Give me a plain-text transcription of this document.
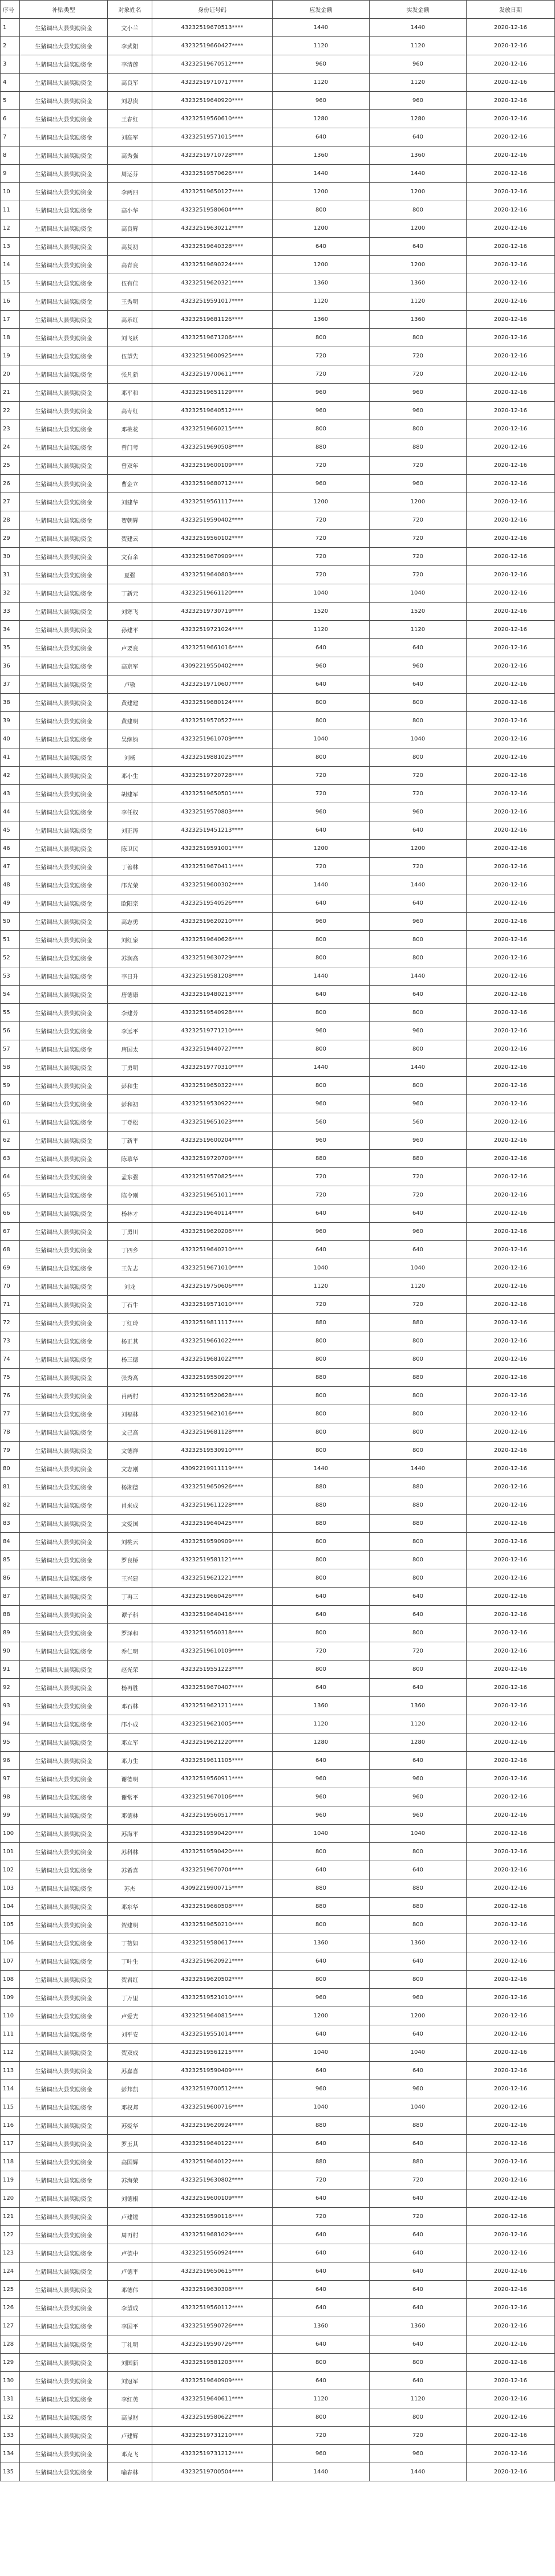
序号	补贴类型	对象姓名	身份证号码	应发金额	实发金额	发放日期
1	生猪调出大县奖励资金	文小兰	43232519670513****	1440	1440	2020-12-16
2	生猪调出大县奖励资金	李武阳	43232519660427****	1120	1120	2020-12-16
3	生猪调出大县奖励资金	李清莲	43232519670512****	960	960	2020-12-16
4	生猪调出大县奖励资金	高良军	43232519710717****	1120	1120	2020-12-16
5	生猪调出大县奖励资金	刘思贵	43232519640920****	960	960	2020-12-16
6	生猪调出大县奖励资金	王春红	43232519560610****	1280	1280	2020-12-16
7	生猪调出大县奖励资金	刘高军	43232519571015****	640	640	2020-12-16
8	生猪调出大县奖励资金	高秀强	43232519710728****	1360	1360	2020-12-16
9	生猪调出大县奖励资金	周运芬	43232519570626****	1440	1440	2020-12-16
10	生猪调出大县奖励资金	李两四	43232519650127****	1200	1200	2020-12-16
11	生猪调出大县奖励资金	高小华	43232519580604****	800	800	2020-12-16
12	生猪调出大县奖励资金	高良辉	43232519630212****	1200	1200	2020-12-16
13	生猪调出大县奖励资金	高复初	43232519640328****	640	640	2020-12-16
14	生猪调出大县奖励资金	高青良	43232519690224****	1200	1200	2020-12-16
15	生猪调出大县奖励资金	伍有佳	43232519620321****	1360	1360	2020-12-16
16	生猪调出大县奖励资金	王秀明	43232519591017****	1120	1120	2020-12-16
17	生猪调出大县奖励资金	高乐红	43232519681126****	1360	1360	2020-12-16
18	生猪调出大县奖励资金	刘飞跃	43232519671206****	800	800	2020-12-16
19	生猪调出大县奖励资金	伍望先	43232519600925****	720	720	2020-12-16
20	生猪调出大县奖励资金	张凡新	43232519700611****	720	720	2020-12-16
21	生猪调出大县奖励资金	邓平和	43232519651129****	960	960	2020-12-16
22	生猪调出大县奖励资金	高专红	43232519640512****	960	960	2020-12-16
23	生猪调出大县奖励资金	邓桃花	43232519660215****	800	800	2020-12-16
24	生猪调出大县奖励资金	曾门考	43232519690508****	880	880	2020-12-16
25	生猪调出大县奖励资金	曾双年	43232519600109****	720	720	2020-12-16
26	生猪调出大县奖励资金	曹金立	43232519680712****	960	960	2020-12-16
27	生猪调出大县奖励资金	刘建华	43232519561117****	1200	1200	2020-12-16
28	生猪调出大县奖励资金	贺朝辉	43232519590402****	720	720	2020-12-16
29	生猪调出大县奖励资金	贺建云	43232519560102****	720	720	2020-12-16
30	生猪调出大县奖励资金	文有余	43232519670909****	720	720	2020-12-16
31	生猪调出大县奖励资金	夏强	43232519640803****	720	720	2020-12-16
32	生猪调出大县奖励资金	丁新元	43232519661120****	1040	1040	2020-12-16
33	生猪调出大县奖励资金	刘寒飞	43232519730719****	1520	1520	2020-12-16
34	生猪调出大县奖励资金	孙建平	43232519721024****	1120	1120	2020-12-16
35	生猪调出大县奖励资金	卢要良	43232519661016****	640	640	2020-12-16
36	生猪调出大县奖励资金	高京军	43092219550402****	960	960	2020-12-16
37	生猪调出大县奖励资金	卢敬	43232519710607****	640	640	2020-12-16
38	生猪调出大县奖励资金	黄建建	43232519680124****	800	800	2020-12-16
39	生猪调出大县奖励资金	黄建明	43232519570527****	800	800	2020-12-16
40	生猪调出大县奖励资金	吴继钧	43232519610709****	1040	1040	2020-12-16
41	生猪调出大县奖励资金	刘杨	43232519881025****	800	800	2020-12-16
42	生猪调出大县奖励资金	邓小生	43232519720728****	720	720	2020-12-16
43	生猪调出大县奖励资金	胡建军	43232519650501****	720	720	2020-12-16
44	生猪调出大县奖励资金	李任权	43232519570803****	960	960	2020-12-16
45	生猪调出大县奖励资金	刘正涛	43232519451213****	640	640	2020-12-16
46	生猪调出大县奖励资金	陈卫民	43232519591001****	1200	1200	2020-12-16
47	生猪调出大县奖励资金	丁善林	43232519670411****	720	720	2020-12-16
48	生猪调出大县奖励资金	邝光荣	43232519600302****	1440	1440	2020-12-16
49	生猪调出大县奖励资金	欧阳宗	43232519540526****	640	640	2020-12-16
50	生猪调出大县奖励资金	高志勇	43232519620210****	960	960	2020-12-16
51	生猪调出大县奖励资金	刘红泉	43232519640626****	800	800	2020-12-16
52	生猪调出大县奖励资金	苏润高	43232519630729****	800	800	2020-12-16
53	生猪调出大县奖励资金	李日升	43232519581208****	1440	1440	2020-12-16
54	生猪调出大县奖励资金	唐德康	43232519480213****	640	640	2020-12-16
55	生猪调出大县奖励资金	李建芳	43232519540928****	800	800	2020-12-16
56	生猪调出大县奖励资金	李远平	43232519771210****	960	960	2020-12-16
57	生猪调出大县奖励资金	唐国太	43232519440727****	800	800	2020-12-16
58	生猪调出大县奖励资金	丁勇明	43232519770310****	1440	1440	2020-12-16
59	生猪调出大县奖励资金	彭和生	43232519650322****	800	800	2020-12-16
60	生猪调出大县奖励资金	彭和初	43232519530922****	960	960	2020-12-16
61	生猪调出大县奖励资金	丁登松	43232519651023****	560	560	2020-12-16
62	生猪调出大县奖励资金	丁新平	43232519600204****	960	960	2020-12-16
63	生猪调出大县奖励资金	陈慕华	43232519720709****	880	880	2020-12-16
64	生猪调出大县奖励资金	孟东强	43232519570825****	720	720	2020-12-16
65	生猪调出大县奖励资金	陈令刚	43232519651011****	720	720	2020-12-16
66	生猪调出大县奖励资金	杨林才	43232519640114****	640	640	2020-12-16
67	生猪调出大县奖励资金	丁勇川	43232519620206****	960	960	2020-12-16
68	生猪调出大县奖励资金	丁四乡	43232519640210****	640	640	2020-12-16
69	生猪调出大县奖励资金	王先志	43232519671010****	1040	1040	2020-12-16
70	生猪调出大县奖励资金	刘龙	43232519750606****	1120	1120	2020-12-16
71	生猪调出大县奖励资金	丁石牛	43232519571010****	720	720	2020-12-16
72	生猪调出大县奖励资金	丁红玲	43232519811117****	880	880	2020-12-16
73	生猪调出大县奖励资金	杨正其	43232519661022****	800	800	2020-12-16
74	生猪调出大县奖励资金	杨三德	43232519681022****	800	800	2020-12-16
75	生猪调出大县奖励资金	张秀高	43232519550920****	880	880	2020-12-16
76	生猪调出大县奖励资金	肖两村	43232519520628****	800	800	2020-12-16
77	生猪调出大县奖励资金	刘福林	43232519621016****	800	800	2020-12-16
78	生猪调出大县奖励资金	文己高	43232519681128****	800	800	2020-12-16
79	生猪调出大县奖励资金	文德祥	43232519530910****	800	800	2020-12-16
80	生猪调出大县奖励资金	文志刚	43092219911119****	1440	1440	2020-12-16
81	生猪调出大县奖励资金	杨湘德	43232519650926****	880	880	2020-12-16
82	生猪调出大县奖励资金	肖来成	43232519611228****	880	880	2020-12-16
83	生猪调出大县奖励资金	文爱国	43232519640425****	880	880	2020-12-16
84	生猪调出大县奖励资金	刘桃云	43232519590909****	800	800	2020-12-16
85	生猪调出大县奖励资金	罗良桥	43232519581121****	800	800	2020-12-16
86	生猪调出大县奖励资金	王兴建	43232519621221****	800	800	2020-12-16
87	生猪调出大县奖励资金	丁再三	43232519660426****	640	640	2020-12-16
88	生猪调出大县奖励资金	谭子科	43232519640416****	640	640	2020-12-16
89	生猪调出大县奖励资金	罗泽和	43232519560318****	800	800	2020-12-16
90	生猪调出大县奖励资金	乔仁明	43232519610109****	720	720	2020-12-16
91	生猪调出大县奖励资金	赵光荣	43232519551223****	800	800	2020-12-16
92	生猪调出大县奖励资金	杨再胜	43232519670407****	640	640	2020-12-16
93	生猪调出大县奖励资金	邓石林	43232519621211****	1360	1360	2020-12-16
94	生猪调出大县奖励资金	邝小成	43232519621005****	1120	1120	2020-12-16
95	生猪调出大县奖励资金	邓立军	43232519621220****	1280	1280	2020-12-16
96	生猪调出大县奖励资金	邓力生	43232519611105****	640	640	2020-12-16
97	生猪调出大县奖励资金	谢德明	43232519560911****	960	960	2020-12-16
98	生猪调出大县奖励资金	谢常平	43232519670106****	960	960	2020-12-16
99	生猪调出大县奖励资金	邓德林	43232519560517****	960	960	2020-12-16
100	生猪调出大县奖励资金	苏海平	43232519590420****	1040	1040	2020-12-16
101	生猪调出大县奖励资金	苏科林	43232519590420****	800	800	2020-12-16
102	生猪调出大县奖励资金	苏希喜	43232519670704****	640	640	2020-12-16
103	生猪调出大县奖励资金	苏杰	43092219900715****	880	880	2020-12-16
104	生猪调出大县奖励资金	邓东华	43232519660508****	880	880	2020-12-16
105	生猪调出大县奖励资金	贺建明	43232519650210****	800	800	2020-12-16
106	生猪调出大县奖励资金	丁赞如	43232519580617****	1360	1360	2020-12-16
107	生猪调出大县奖励资金	丁叶生	43232519620921****	640	640	2020-12-16
108	生猪调出大县奖励资金	贺君红	43232519620502****	800	800	2020-12-16
109	生猪调出大县奖励资金	丁万里	43232519521010****	960	960	2020-12-16
110	生猪调出大县奖励资金	卢爱光	43232519640815****	1200	1200	2020-12-16
111	生猪调出大县奖励资金	刘平安	43232519551014****	640	640	2020-12-16
112	生猪调出大县奖励资金	贺双成	43232519561215****	1040	1040	2020-12-16
113	生猪调出大县奖励资金	苏嘉喜	43232519590409****	640	640	2020-12-16
114	生猪调出大县奖励资金	彭邦凯	43232519700512****	960	960	2020-12-16
115	生猪调出大县奖励资金	邓权邦	43232519600716****	1040	1040	2020-12-16
116	生猪调出大县奖励资金	苏爱华	43232519620924****	880	880	2020-12-16
117	生猪调出大县奖励资金	罗玉其	43232519640122****	640	640	2020-12-16
118	生猪调出大县奖励资金	高国辉	43232519640122****	880	880	2020-12-16
119	生猪调出大县奖励资金	苏海荣	43232519630802****	720	720	2020-12-16
120	生猪调出大县奖励资金	刘德根	43232519600109****	640	640	2020-12-16
121	生猪调出大县奖励资金	卢建镗	43232519590116****	720	720	2020-12-16
122	生猪调出大县奖励资金	周再村	43232519681029****	640	640	2020-12-16
123	生猪调出大县奖励资金	卢德中	43232519560924****	640	640	2020-12-16
124	生猪调出大县奖励资金	卢德平	43232519650615****	640	640	2020-12-16
125	生猪调出大县奖励资金	邓德伟	43232519630308****	640	640	2020-12-16
126	生猪调出大县奖励资金	李望成	43232519560112****	640	640	2020-12-16
127	生猪调出大县奖励资金	李国平	43232519590726****	1360	1360	2020-12-16
128	生猪调出大县奖励资金	丁礼明	43232519590726****	640	640	2020-12-16
129	生猪调出大县奖励资金	刘国新	43232519581203****	800	800	2020-12-16
130	生猪调出大县奖励资金	刘冠军	43232519640909****	640	640	2020-12-16
131	生猪调出大县奖励资金	李红英	43232519640611****	1120	1120	2020-12-16
132	生猪调出大县奖励资金	高显财	43232519580622****	800	800	2020-12-16
133	生猪调出大县奖励资金	卢建辉	43232519731210****	720	720	2020-12-16
134	生猪调出大县奖励资金	邓克飞	43232519731212****	960	960	2020-12-16
135	生猪调出大县奖励资金	喻春林	43232519700504****	1440	1440	2020-12-16
